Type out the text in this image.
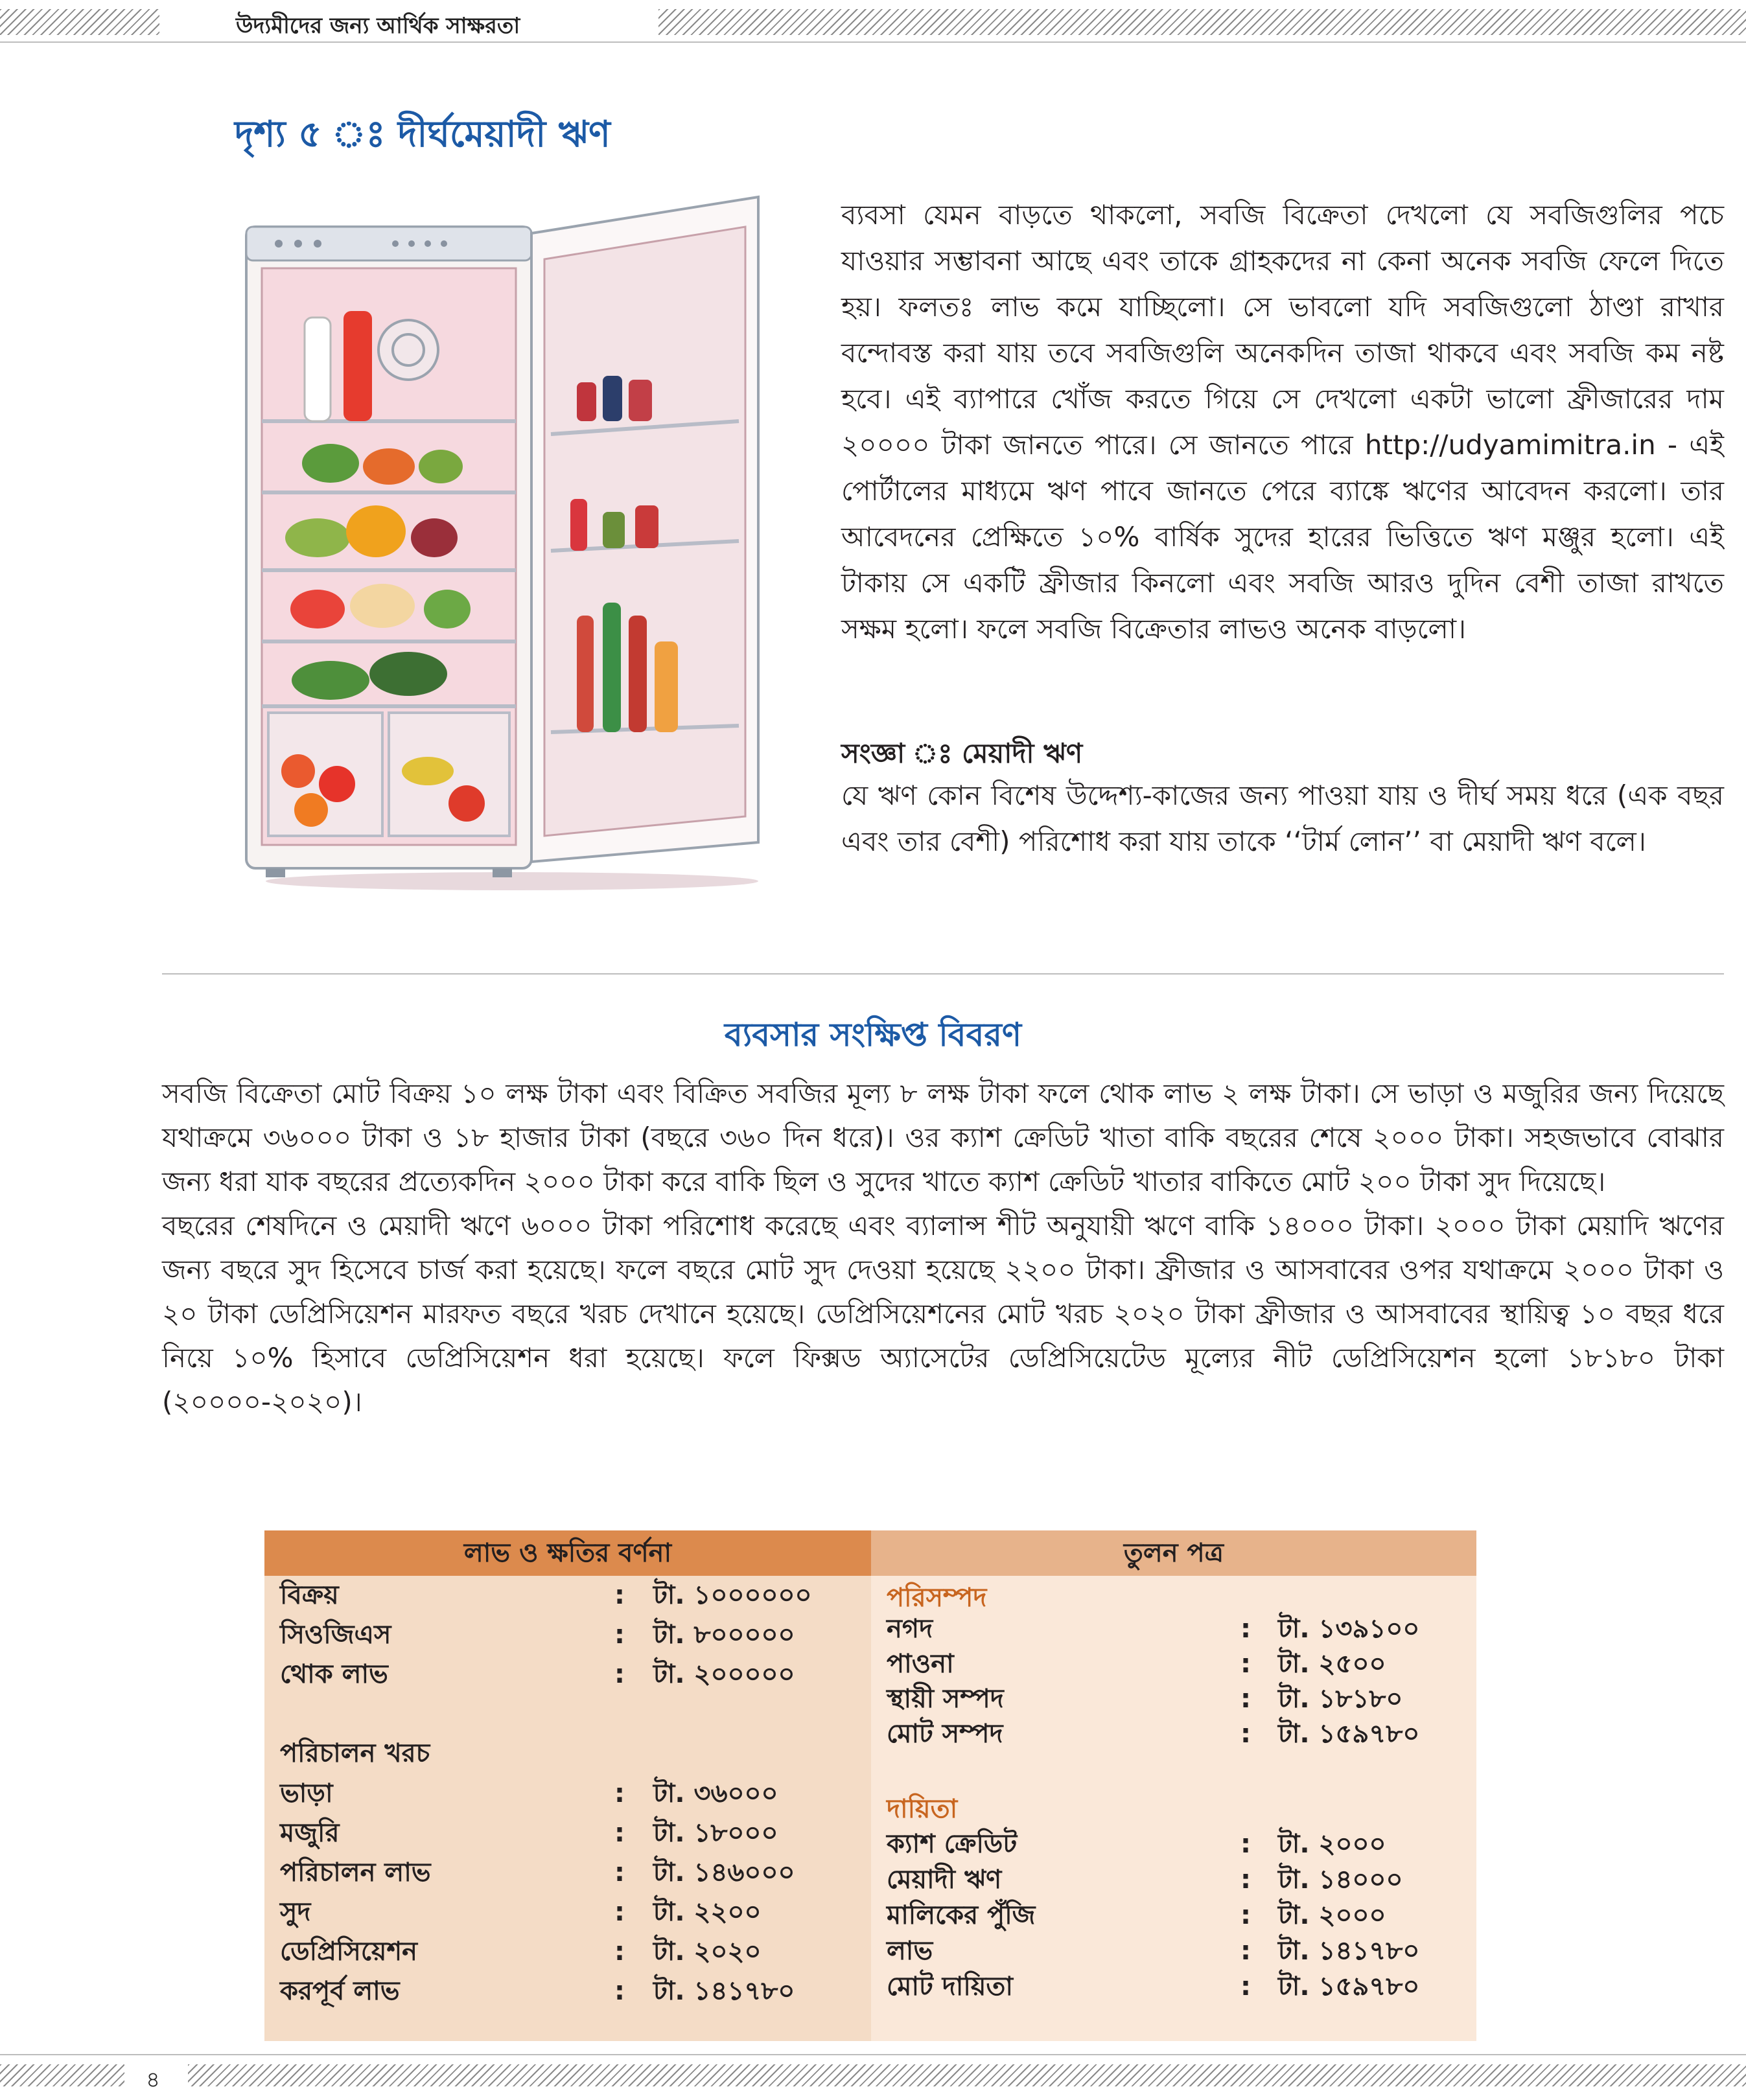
উদ্যমীদের জন্য আর্থিক সাক্ষরতা
দৃশ্য ৫ ঃ দীর্ঘমেয়াদী ঋণ

ব্যবসা যেমন বাড়তে থাকলো, সবজি বিক্রেতা দেখলো যে সবজিগুলির পচে যাওয়ার সম্ভাবনা আছে এবং তাকে গ্রাহকদের না কেনা অনেক সবজি ফেলে দিতে হয়। ফলতঃ লাভ কমে যাচ্ছিলো। সে ভাবলো যদি সবজিগুলো ঠাণ্ডা রাখার বন্দোবস্ত করা যায় তবে সবজিগুলি অনেকদিন তাজা থাকবে এবং সবজি কম নষ্ট হবে। এই ব্যাপারে খোঁজ করতে গিয়ে সে দেখলো একটা ভালো ফ্রীজারের দাম ২০০০০ টাকা জানতে পারে। সে জানতে পারে http://udyamimitra.in - এই পোর্টালের মাধ্যমে ঋণ পাবে জানতে পেরে ব্যাঙ্কে ঋণের আবেদন করলো। তার আবেদনের প্রেক্ষিতে ১০% বার্ষিক সুদের হারের ভিত্তিতে ঋণ মঞ্জুর হলো। এই টাকায় সে একটি ফ্রীজার কিনলো এবং সবজি আরও দুদিন বেশী তাজা রাখতে সক্ষম হলো। ফলে সবজি বিক্রেতার লাভও অনেক বাড়লো।

সংজ্ঞা ঃ মেয়াদী ঋণ

যে ঋণ কোন বিশেষ উদ্দেশ্য-কাজের জন্য পাওয়া যায় ও দীর্ঘ সময় ধরে (এক বছর এবং তার বেশী) পরিশোধ করা যায় তাকে ‘‘টার্ম লোন’’ বা মেয়াদী ঋণ বলে।

ব্যবসার সংক্ষিপ্ত বিবরণ

সবজি বিক্রেতা মোট বিক্রয় ১০ লক্ষ টাকা এবং বিক্রিত সবজির মূল্য ৮ লক্ষ টাকা ফলে থোক লাভ ২ লক্ষ টাকা। সে ভাড়া ও মজুরির জন্য দিয়েছে যথাক্রমে ৩৬০০০ টাকা ও ১৮ হাজার টাকা (বছরে ৩৬০ দিন ধরে)। ওর ক্যাশ ক্রেডিট খাতা বাকি বছরের শেষে ২০০০ টাকা। সহজভাবে বোঝার জন্য ধরা যাক বছরের প্রত্যেকদিন ২০০০ টাকা করে বাকি ছিল ও সুদের খাতে ক্যাশ ক্রেডিট খাতার বাকিতে মোট ২০০ টাকা সুদ দিয়েছে।

বছরের শেষদিনে ও মেয়াদী ঋণে ৬০০০ টাকা পরিশোধ করেছে এবং ব্যালান্স শীট অনুযায়ী ঋণে বাকি ১৪০০০ টাকা। ২০০০ টাকা মেয়াদি ঋণের জন্য বছরে সুদ হিসেবে চার্জ করা হয়েছে। ফলে বছরে মোট সুদ দেওয়া হয়েছে ২২০০ টাকা। ফ্রীজার ও আসবাবের ওপর যথাক্রমে ২০০০ টাকা ও ২০ টাকা ডেপ্রিসিয়েশন মারফত বছরে খরচ দেখানে হয়েছে। ডেপ্রিসিয়েশনের মোট খরচ ২০২০ টাকা ফ্রীজার ও আসবাবের স্থায়িত্ব ১০ বছর ধরে নিয়ে ১০% হিসাবে ডেপ্রিসিয়েশন ধরা হয়েছে। ফলে ফিক্সড অ্যাসেটের ডেপ্রিসিয়েটেড মূল্যের নীট ডেপ্রিসিয়েশন হলো ১৮১৮০ টাকা (২০০০০-২০২০)।

লাভ ও ক্ষতির বর্ণনা
বিক্রয়	: টা. ১০০০০০০
সিওজিএস	: টা. ৮০০০০০
থোক লাভ	: টা. ২০০০০০
পরিচালন খরচ
ভাড়া	: টা. ৩৬০০০
মজুরি	: টা. ১৮০০০
পরিচালন লাভ	: টা. ১৪৬০০০
সুদ	: টা. ২২০০
ডেপ্রিসিয়েশন	: টা. ২০২০
করপূর্ব লাভ	: টা. ১৪১৭৮০
তুলন পত্র
পরিসম্পদ
নগদ	: টা. ১৩৯১০০
পাওনা	: টা. ২৫০০
স্থায়ী সম্পদ	: টা. ১৮১৮০
মোট সম্পদ	: টা. ১৫৯৭৮০
দায়িতা
ক্যাশ ক্রেডিট	: টা. ২০০০
মেয়াদী ঋণ	: টা. ১৪০০০
মালিকের পুঁজি	: টা. ২০০০
লাভ	: টা. ১৪১৭৮০
মোট দায়িতা	: টা. ১৫৯৭৮০
৪
